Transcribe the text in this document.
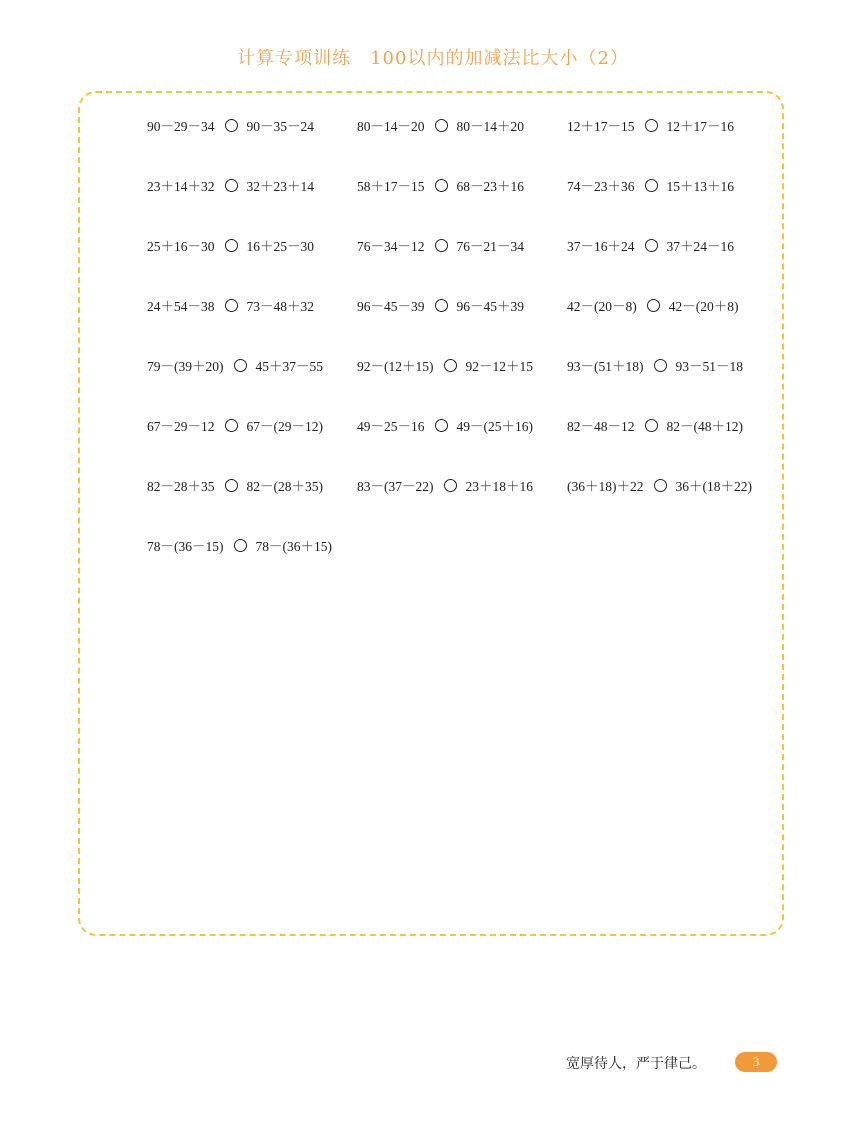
计算专项训练　100以内的加减法比大小（2）
90－29－34 90－35－24	80－14－20 80－14＋20	12＋17－15 12＋17－16
23＋14＋32 32＋23＋14	58＋17－15 68－23＋16	74－23＋36 15＋13＋16
25＋16－30 16＋25－30	76－34－12 76－21－34	37－16＋24 37＋24－16
24＋54－38 73－48＋32	96－45－39 96－45＋39	42－(20－8) 42－(20＋8)
79－(39＋20) 45＋37－55	92－(12＋15) 92－12＋15	93－(51＋18) 93－51－18
67－29－12 67－(29－12)	49－25－16 49－(25＋16)	82－48－12 82－(48＋12)
82－28＋35 82－(28＋35)	83－(37－22) 23＋18＋16	(36＋18)＋22 36＋(18＋22)
78－(36－15) 78－(36＋15)
宽厚待人，严于律己。	3
